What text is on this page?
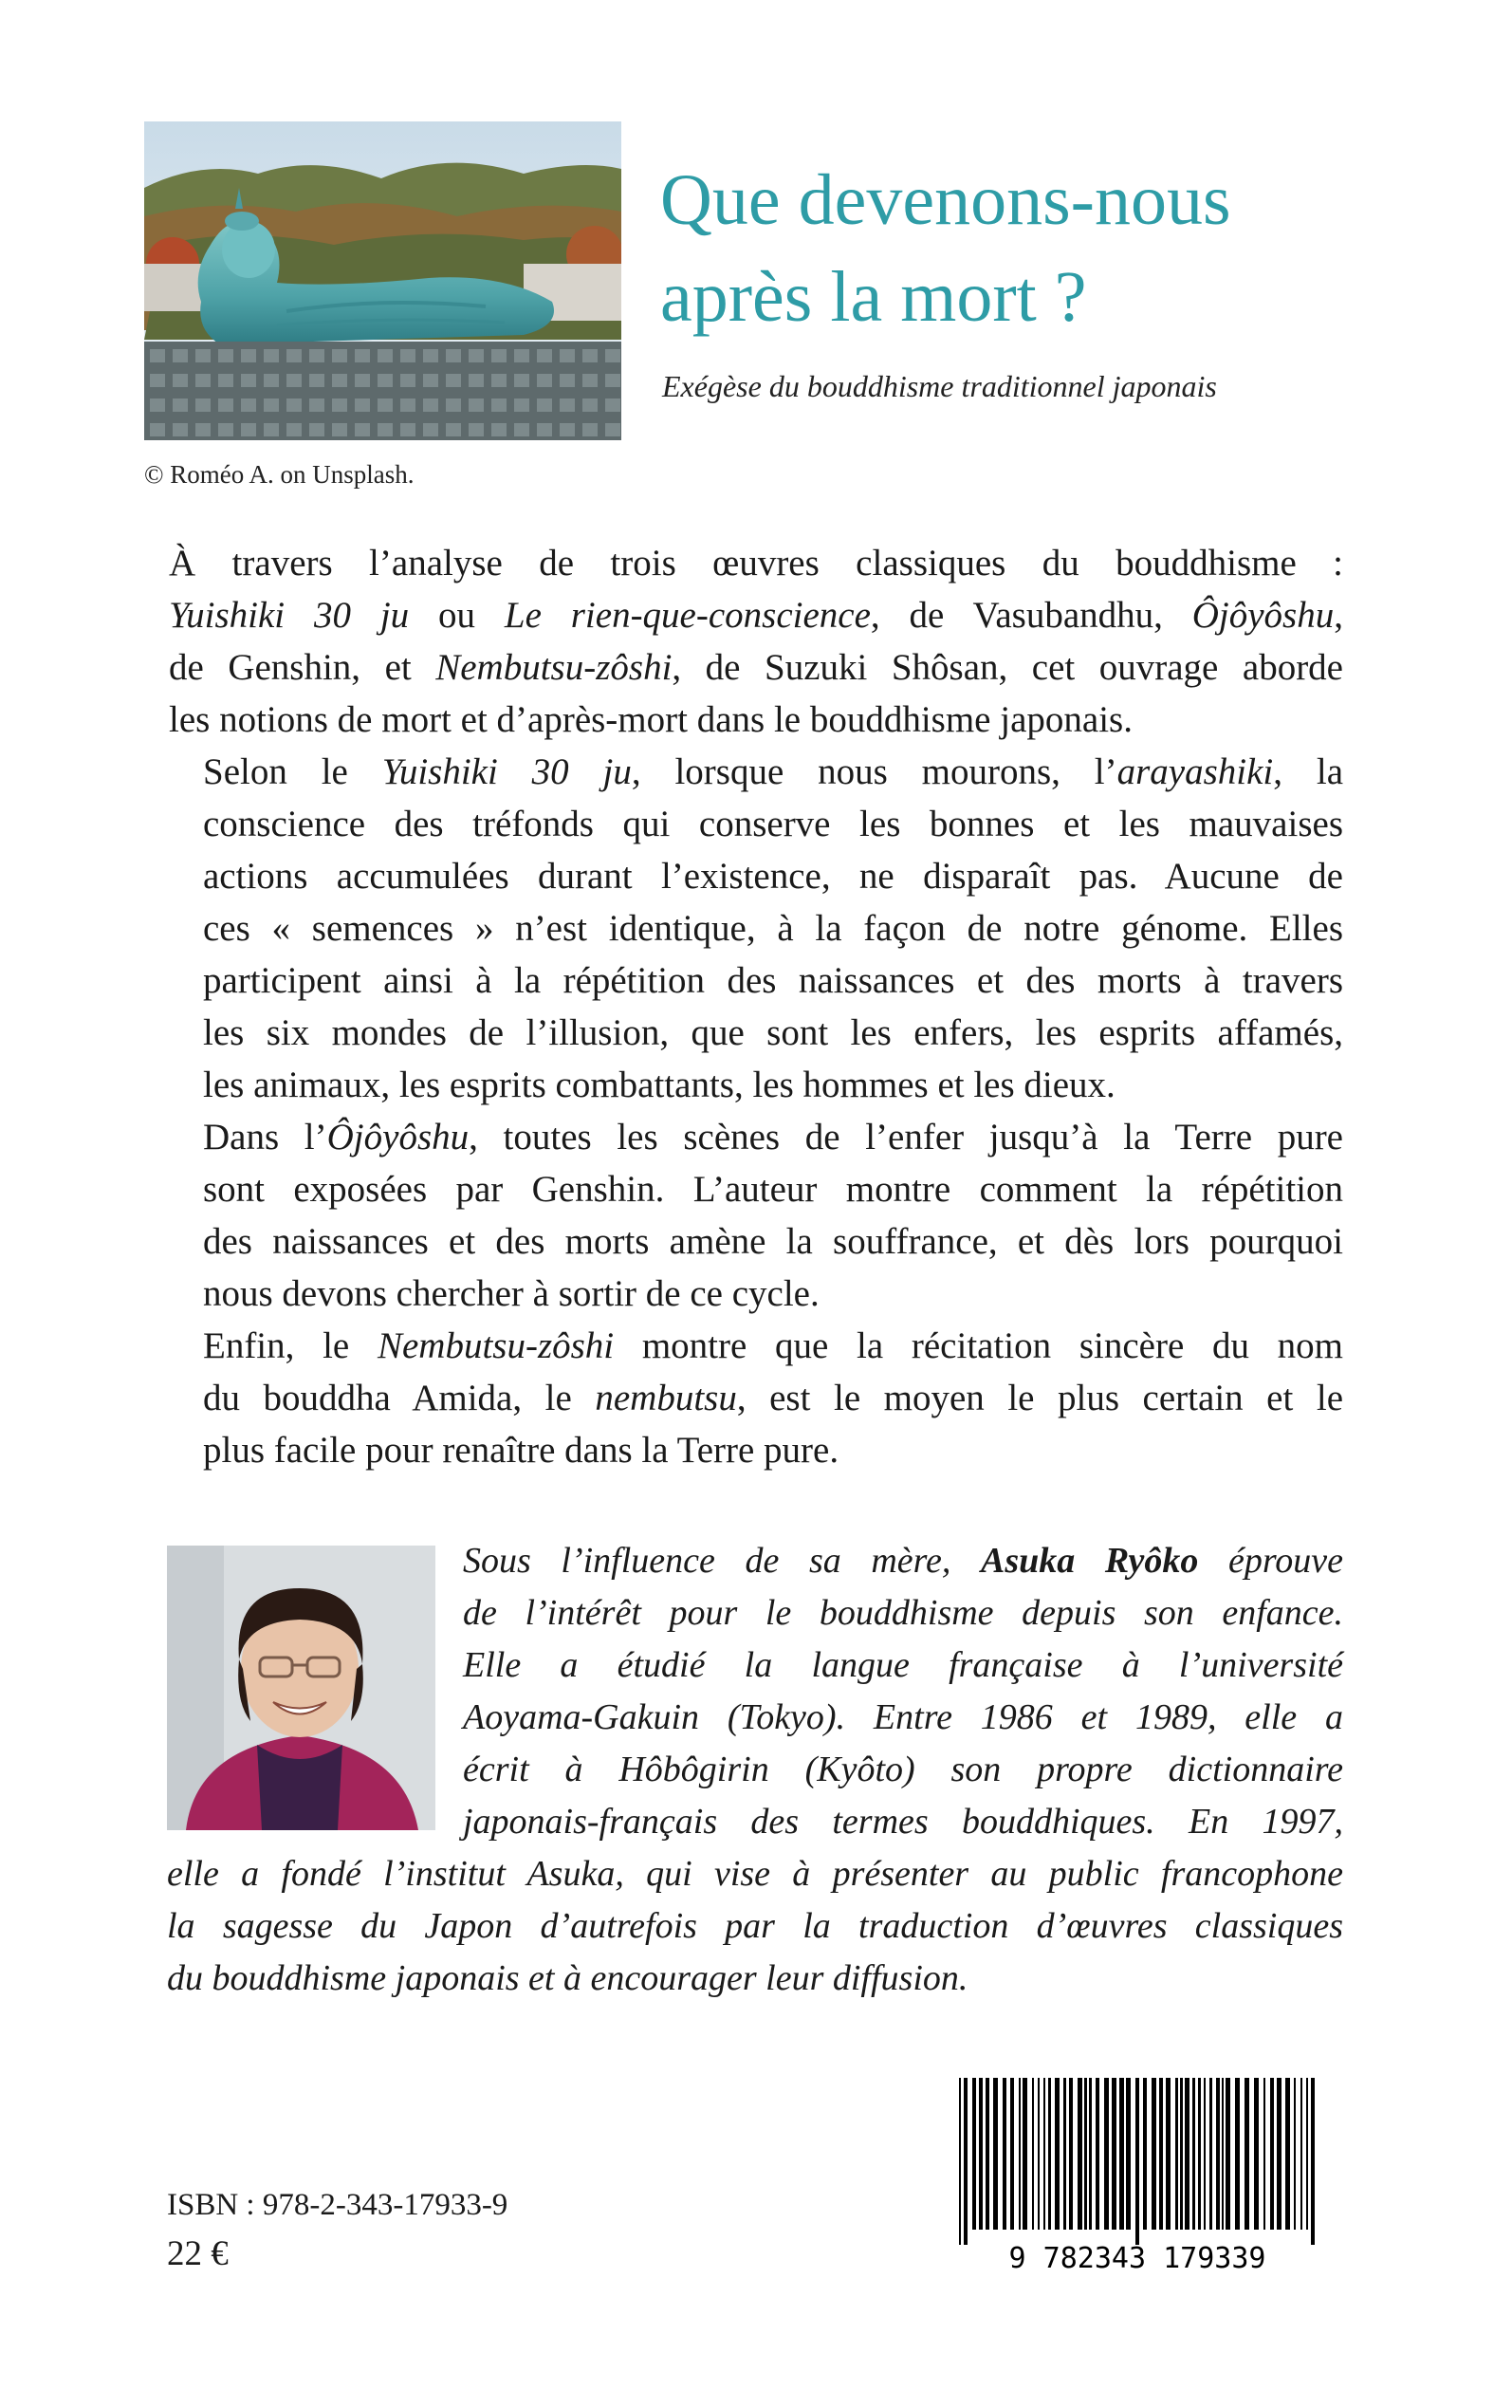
© Roméo A. on Unsplash.
Que devenons-nous
après la mort ?
Exégèse du bouddhisme traditionnel japonais

À travers l’analyse de trois œuvres classiques du bouddhisme :
Yuishiki 30 ju ou Le rien-que-conscience, de Vasubandhu, Ôjôyôshu,
de Genshin, et Nembutsu-zôshi, de Suzuki Shôsan, cet ouvrage aborde
les notions de mort et d’après-mort dans le bouddhisme japonais.

Selon le Yuishiki 30 ju, lorsque nous mourons, l’arayashiki, la
conscience des tréfonds qui conserve les bonnes et les mauvaises
actions accumulées durant l’existence, ne disparaît pas. Aucune de
ces « semences » n’est identique, à la façon de notre génome. Elles
participent ainsi à la répétition des naissances et des morts à travers
les six mondes de l’illusion, que sont les enfers, les esprits affamés,
les animaux, les esprits combattants, les hommes et les dieux.

Dans l’Ôjôyôshu, toutes les scènes de l’enfer jusqu’à la Terre pure
sont exposées par Genshin. L’auteur montre comment la répétition
des naissances et des morts amène la souffrance, et dès lors pourquoi
nous devons chercher à sortir de ce cycle.

Enfin, le Nembutsu-zôshi montre que la récitation sincère du nom
du bouddha Amida, le nembutsu, est le moyen le plus certain et le
plus facile pour renaître dans la Terre pure.

Sous l’influence de sa mère, Asuka Ryôko éprouve
de l’intérêt pour le bouddhisme depuis son enfance.
Elle a étudié la langue française à l’université
Aoyama-Gakuin (Tokyo). Entre 1986 et 1989, elle a
écrit à Hôbôgirin (Kyôto) son propre dictionnaire
japonais-français des termes bouddhiques. En 1997,
elle a fondé l’institut Asuka, qui vise à présenter au public francophone
la sagesse du Japon d’autrefois par la traduction d’œuvres classiques
du bouddhisme japonais et à encourager leur diffusion.
9 782343 179339
ISBN : 978-2-343-17933-9
22 €
